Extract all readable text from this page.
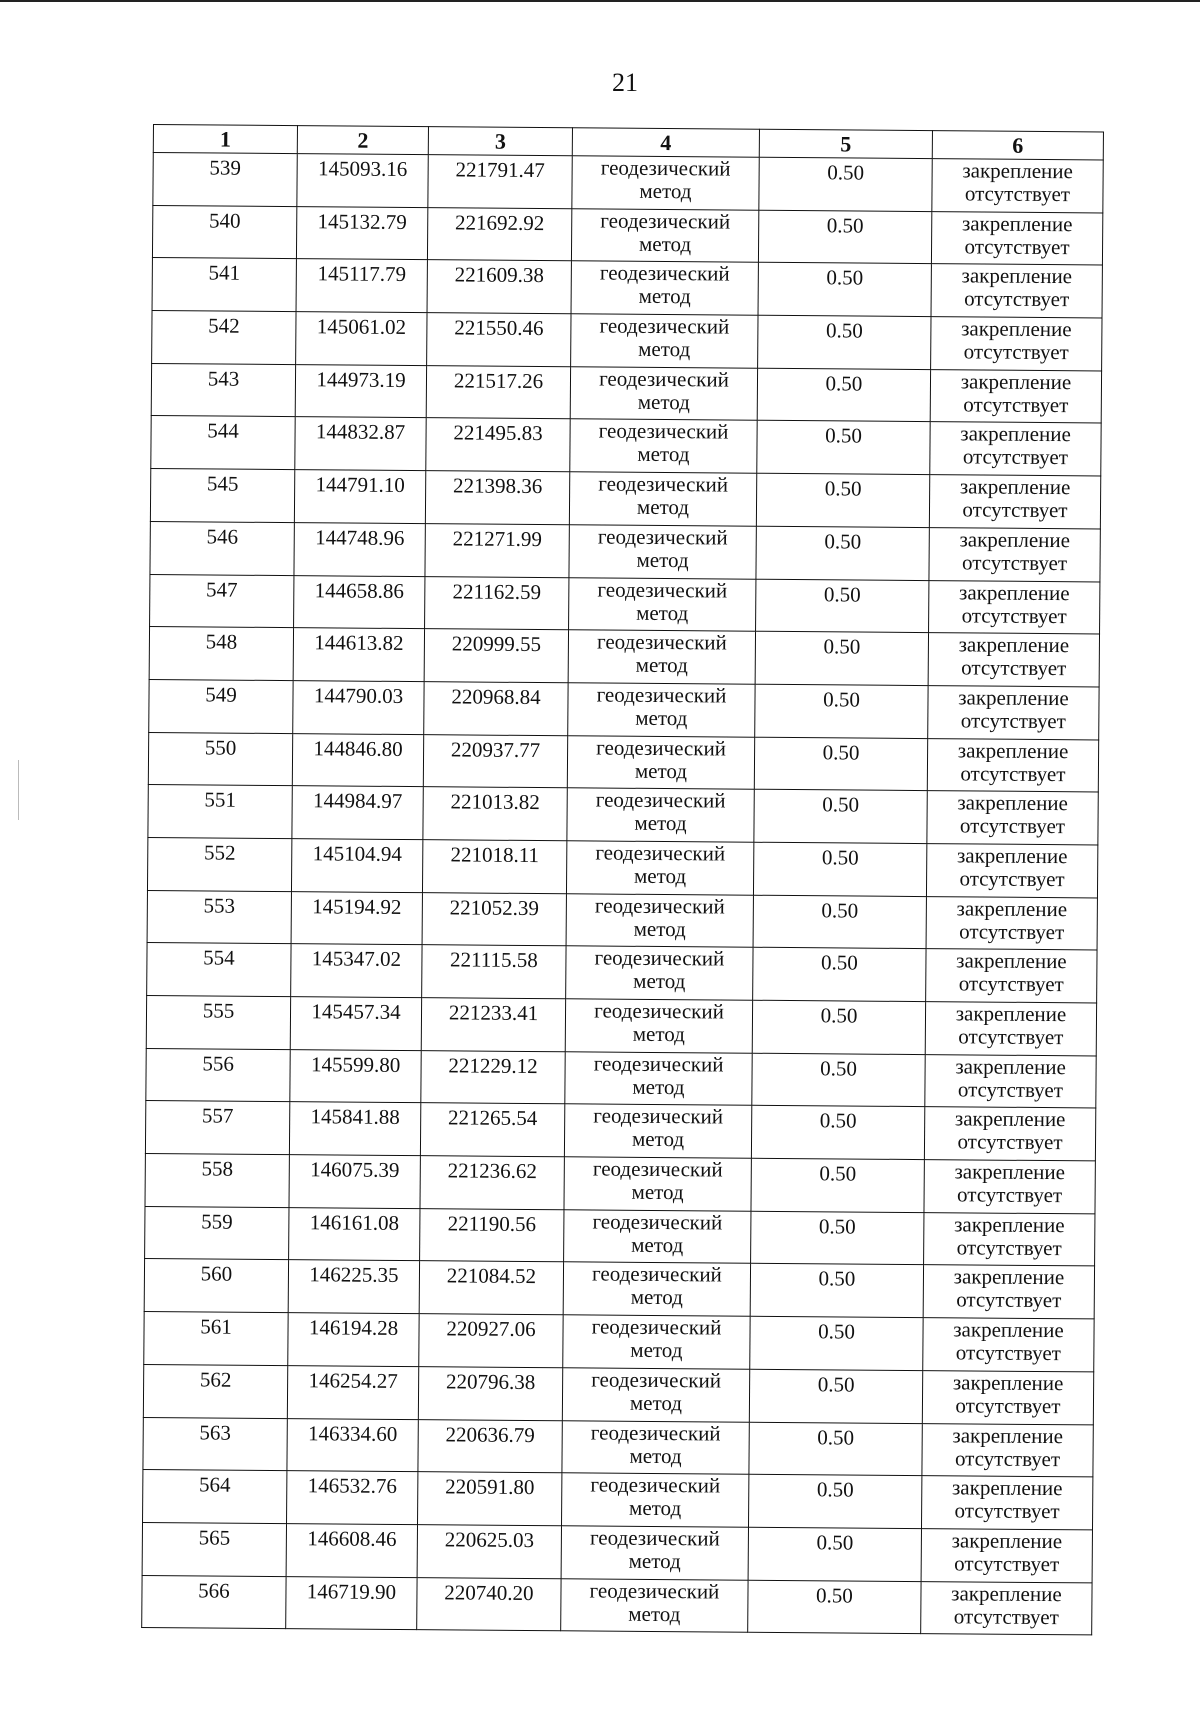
21
1	2	3	4	5	6
539	145093.16	221791.47	геодезический метод	0.50	закрепление отсутствует
540	145132.79	221692.92	геодезический метод	0.50	закрепление отсутствует
541	145117.79	221609.38	геодезический метод	0.50	закрепление отсутствует
542	145061.02	221550.46	геодезический метод	0.50	закрепление отсутствует
543	144973.19	221517.26	геодезический метод	0.50	закрепление отсутствует
544	144832.87	221495.83	геодезический метод	0.50	закрепление отсутствует
545	144791.10	221398.36	геодезический метод	0.50	закрепление отсутствует
546	144748.96	221271.99	геодезический метод	0.50	закрепление отсутствует
547	144658.86	221162.59	геодезический метод	0.50	закрепление отсутствует
548	144613.82	220999.55	геодезический метод	0.50	закрепление отсутствует
549	144790.03	220968.84	геодезический метод	0.50	закрепление отсутствует
550	144846.80	220937.77	геодезический метод	0.50	закрепление отсутствует
551	144984.97	221013.82	геодезический метод	0.50	закрепление отсутствует
552	145104.94	221018.11	геодезический метод	0.50	закрепление отсутствует
553	145194.92	221052.39	геодезический метод	0.50	закрепление отсутствует
554	145347.02	221115.58	геодезический метод	0.50	закрепление отсутствует
555	145457.34	221233.41	геодезический метод	0.50	закрепление отсутствует
556	145599.80	221229.12	геодезический метод	0.50	закрепление отсутствует
557	145841.88	221265.54	геодезический метод	0.50	закрепление отсутствует
558	146075.39	221236.62	геодезический метод	0.50	закрепление отсутствует
559	146161.08	221190.56	геодезический метод	0.50	закрепление отсутствует
560	146225.35	221084.52	геодезический метод	0.50	закрепление отсутствует
561	146194.28	220927.06	геодезический метод	0.50	закрепление отсутствует
562	146254.27	220796.38	геодезический метод	0.50	закрепление отсутствует
563	146334.60	220636.79	геодезический метод	0.50	закрепление отсутствует
564	146532.76	220591.80	геодезический метод	0.50	закрепление отсутствует
565	146608.46	220625.03	геодезический метод	0.50	закрепление отсутствует
566	146719.90	220740.20	геодезический метод	0.50	закрепление отсутствует
